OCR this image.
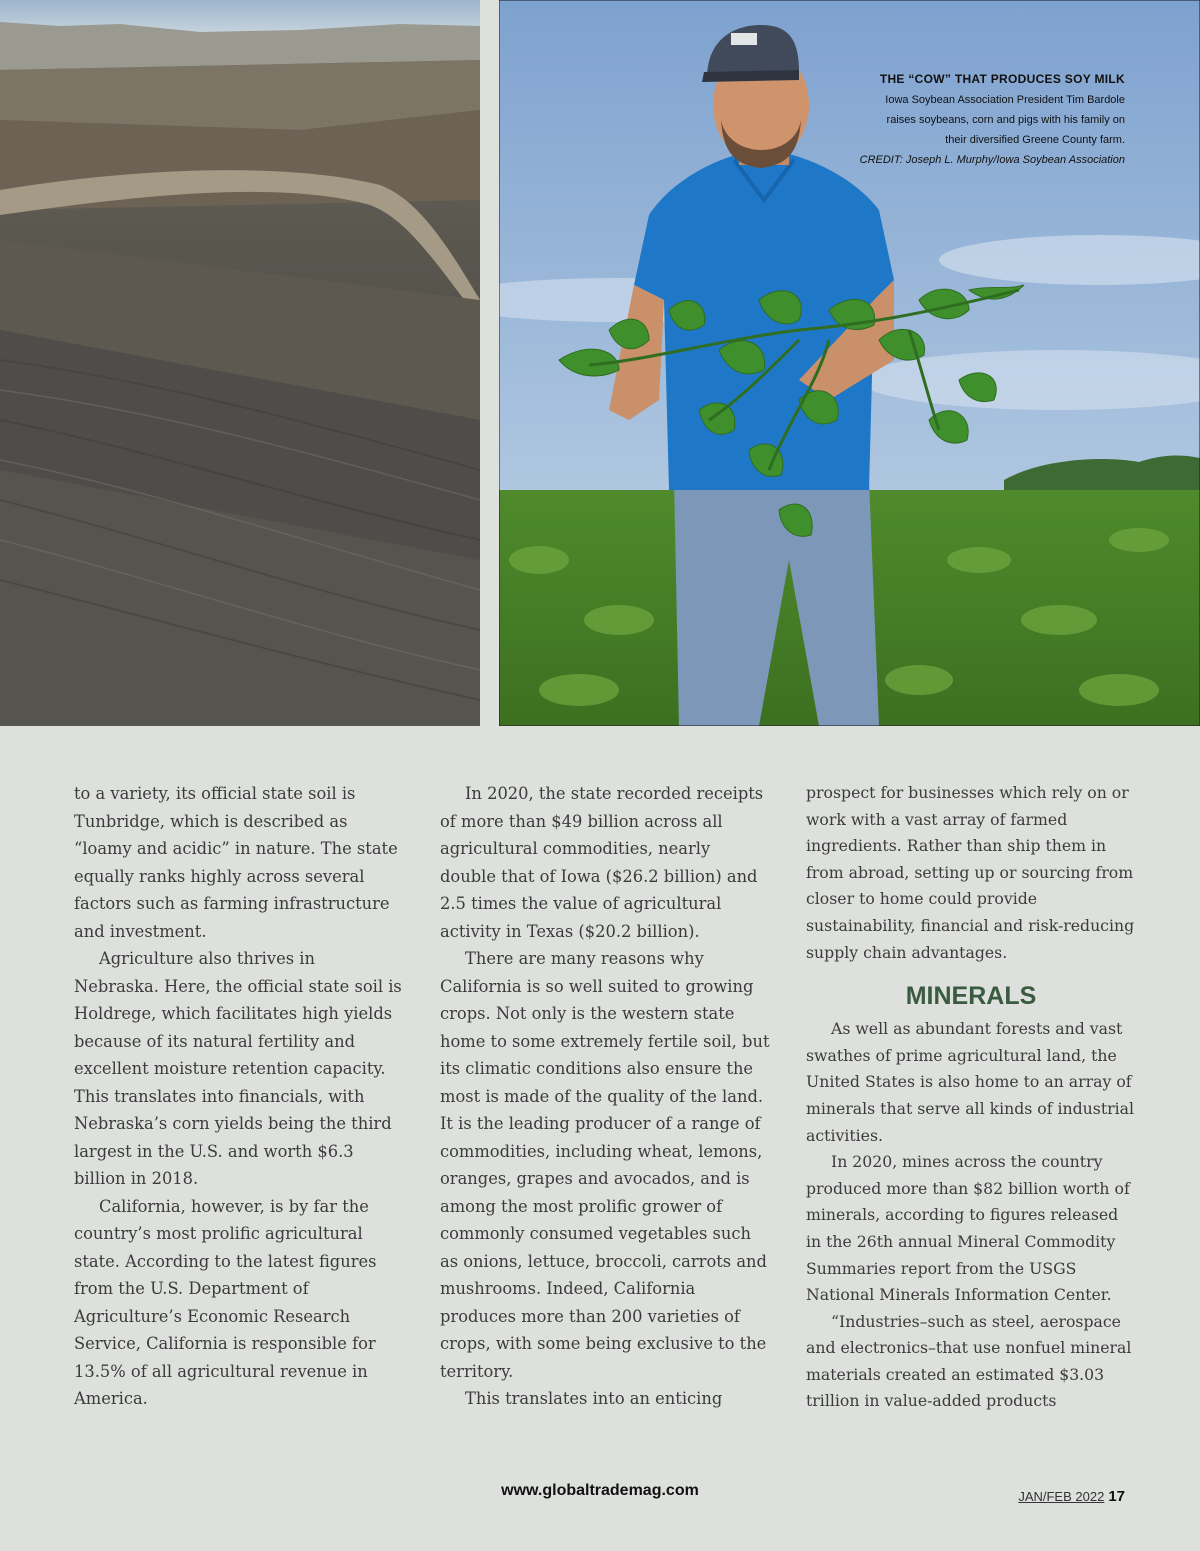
THE “COW” THAT PRODUCES SOY MILK
Iowa Soybean Association President Tim Bardole
raises soybeans, corn and pigs with his family on
their diversified Greene County farm.
CREDIT: Joseph L. Murphy/Iowa Soybean Association

to a variety, its official state soil is Tunbridge, which is described as “loamy and acidic” in nature. The state equally ranks highly across several factors such as farming infrastructure and investment.

Agriculture also thrives in Nebraska. Here, the official state soil is Holdrege, which facilitates high yields because of its natural fertility and excellent moisture retention capacity. This translates into financials, with Nebraska’s corn yields being the third largest in the U.S. and worth $6.3 billion in 2018.

California, however, is by far the country’s most prolific agricultural state. According to the latest figures from the U.S. Department of Agriculture’s Economic Research Service, California is responsible for 13.5% of all agricultural revenue in America.

In 2020, the state recorded receipts of more than $49 billion across all agricultural commodities, nearly double that of Iowa ($26.2 billion) and 2.5 times the value of agricultural activity in Texas ($20.2 billion).

There are many reasons why California is so well suited to growing crops. Not only is the western state home to some extremely fertile soil, but its climatic conditions also ensure the most is made of the quality of the land. It is the leading producer of a range of commodities, including wheat, lemons, oranges, grapes and avocados, and is among the most prolific grower of commonly consumed vegetables such as onions, lettuce, broccoli, carrots and mushrooms. Indeed, California produces more than 200 varieties of crops, with some being exclusive to the territory.

This translates into an enticing

prospect for businesses which rely on or work with a vast array of farmed ingredients. Rather than ship them in from abroad, setting up or sourcing from closer to home could provide sustainability, financial and risk-reducing supply chain advantages.

MINERALS

As well as abundant forests and vast swathes of prime agricultural land, the United States is also home to an array of minerals that serve all kinds of industrial activities.

In 2020, mines across the country produced more than $82 billion worth of minerals, according to figures released in the 26th annual Mineral Commodity Summaries report from the USGS National Minerals Information Center.

“Industries–such as steel, aerospace and electronics–that use nonfuel mineral materials created an estimated $3.03 trillion in value-added products

www.globaltrademag.com	JAN/FEB 2022 17
